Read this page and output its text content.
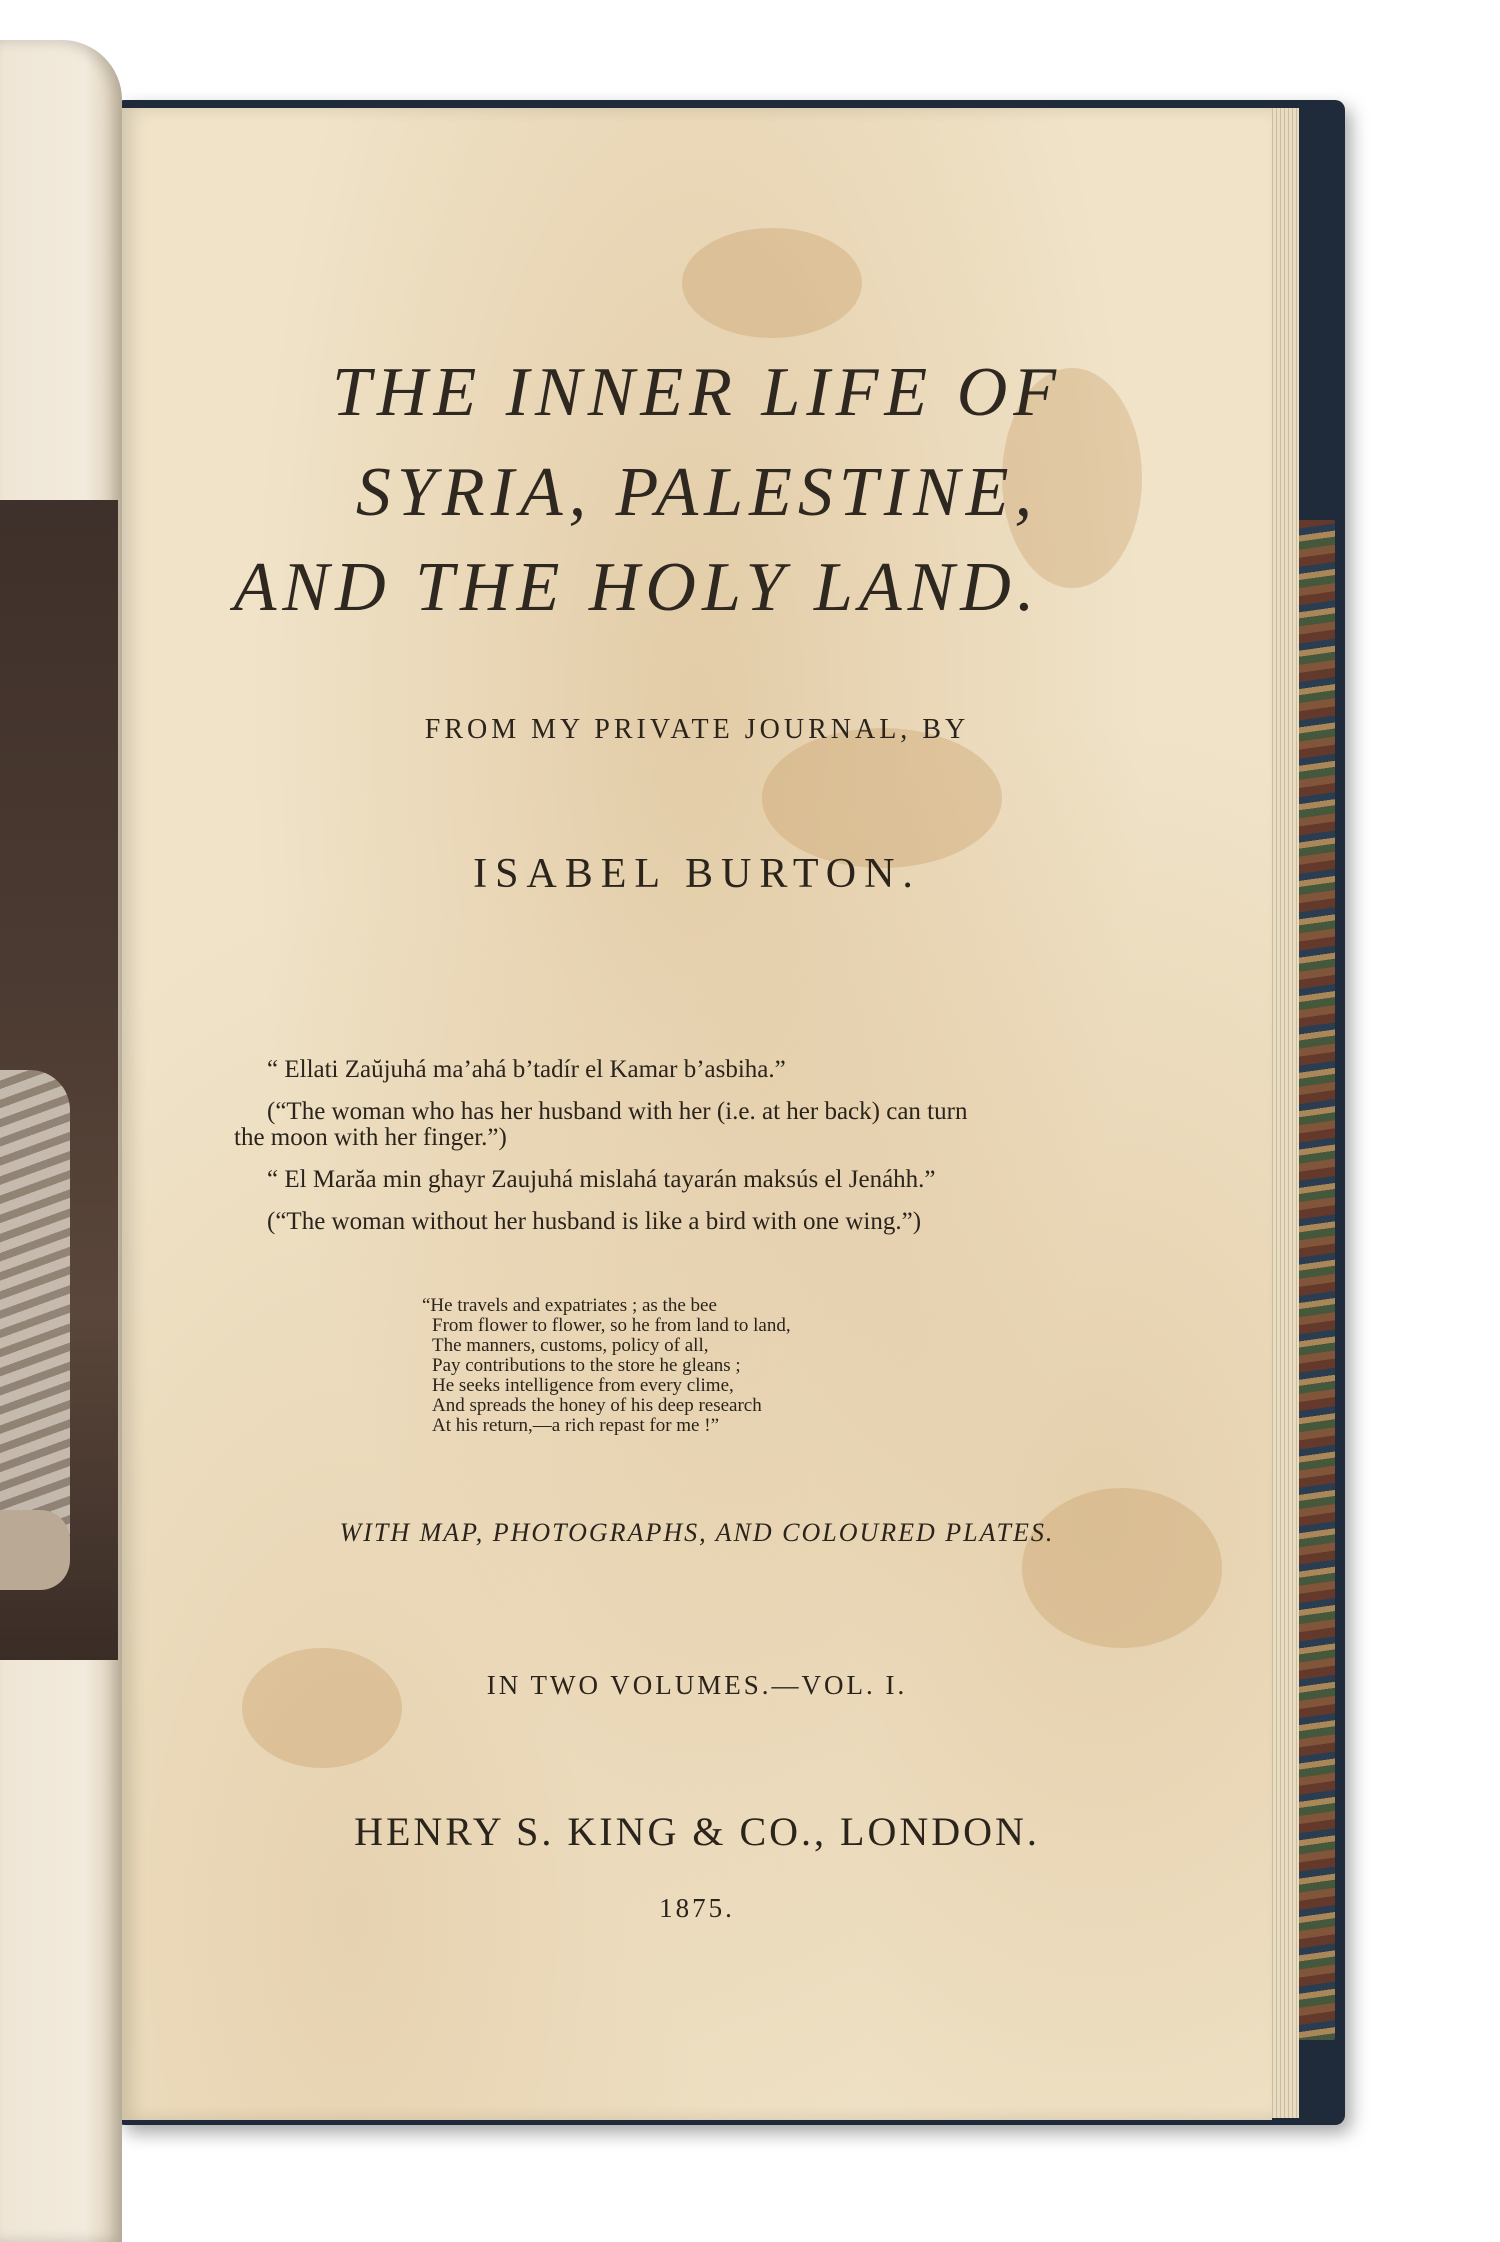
THE INNER LIFE OF
SYRIA, PALESTINE,
AND THE HOLY LAND.
FROM MY PRIVATE JOURNAL, BY
ISABEL BURTON.
“ Ellati Zaŭjuhá ma’ahá b’tadír el Kamar b’asbiha.”
(“The woman who has her husband with her (i.e. at her back) can turn
the moon with her finger.”)
“ El Marăa min ghayr Zaujuhá mislahá tayarán maksús el Jenáhh.”
(“The woman without her husband is like a bird with one wing.”)
“He travels and expatriates ; as the bee
From flower to flower, so he from land to land,
The manners, customs, policy of all,
Pay contributions to the store he gleans ;
He seeks intelligence from every clime,
And spreads the honey of his deep research
At his return,—a rich repast for me !”
WITH MAP, PHOTOGRAPHS, AND COLOURED PLATES.
IN TWO VOLUMES.—VOL. I.
HENRY S. KING & CO., LONDON.
1875.
